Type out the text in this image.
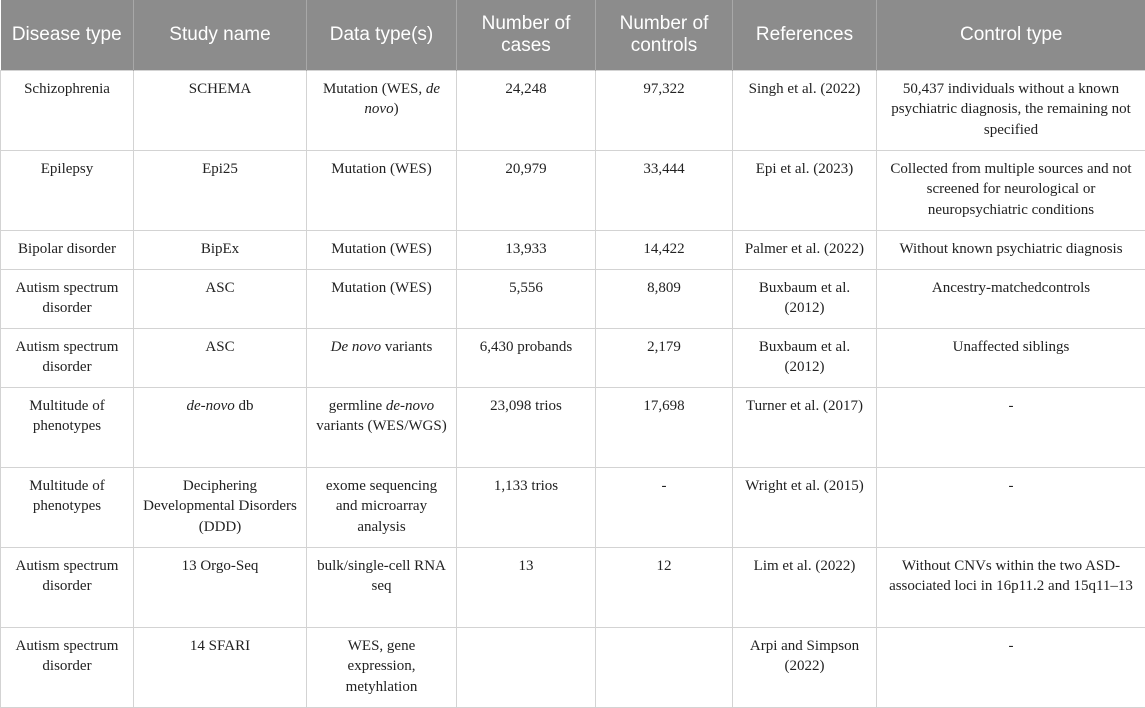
Disease type	Study name	Data type(s)	Number of cases	Number of controls	References	Control type
Schizophrenia	SCHEMA	Mutation (WES, de novo)	24,248	97,322	Singh et al. (2022)	50,437 individuals without a known psychiatric diagnosis, the remaining not specified
Epilepsy	Epi25	Mutation (WES)	20,979	33,444	Epi et al. (2023)	Collected from multiple sources and not screened for neurological or neuropsychiatric conditions
Bipolar disorder	BipEx	Mutation (WES)	13,933	14,422	Palmer et al. (2022)	Without known psychiatric diagnosis
Autism spectrum disorder	ASC	Mutation (WES)	5,556	8,809	Buxbaum et al. (2012)	Ancestry-matchedcontrols
Autism spectrum disorder	ASC	De novo variants	6,430 probands	2,179	Buxbaum et al. (2012)	Unaffected siblings
Multitude of phenotypes	de-novo db	germline de-novo variants (WES/WGS)	23,098 trios	17,698	Turner et al. (2017)	-
Multitude of phenotypes	Deciphering Developmental Disorders (DDD)	exome sequencing and microarray analysis	1,133 trios	-	Wright et al. (2015)	-
Autism spectrum disorder	13 Orgo-Seq	bulk/single-cell RNA seq	13	12	Lim et al. (2022)	Without CNVs within the two ASD-associated loci in 16p11.2 and 15q11–13
Autism spectrum disorder	14 SFARI	WES, gene expression, metyhlation			Arpi and Simpson (2022)	-
